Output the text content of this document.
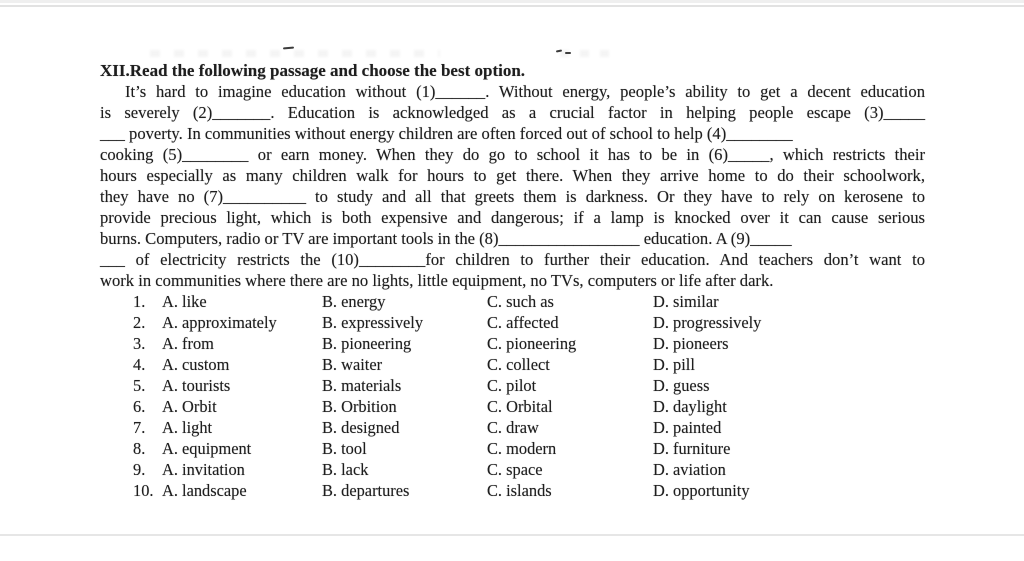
XII.Read the following passage and choose the best option.
It’s hard to imagine education without (1)______. Without energy, people’s ability to get a decent education
is severely (2)_______. Education is acknowledged as a crucial factor in helping people escape (3)_____
___ poverty. In communities without energy children are often forced out of school to help (4)________
cooking (5)________ or earn money. When they do go to school it has to be in (6)_____, which restricts their
hours especially as many children walk for hours to get there. When they arrive home to do their schoolwork,
they have no (7)__________ to study and all that greets them is darkness. Or they have to rely on kerosene to
provide precious light, which is both expensive and dangerous; if a lamp is knocked over it can cause serious
burns. Computers, radio or TV are important tools in the (8)_________________ education. A (9)_____
___ of electricity restricts the (10)________for children to further their education. And teachers don’t want to
work in communities where there are no lights, little equipment, no TVs, computers or life after dark.
1.	A. like	B. energy	C. such as	D. similar
2.	A. approximately	B. expressively	C. affected	D. progressively
3.	A. from	B. pioneering	C. pioneering	D. pioneers
4.	A. custom	B. waiter	C. collect	D. pill
5.	A. tourists	B. materials	C. pilot	D. guess
6.	A. Orbit	B. Orbition	C. Orbital	D. daylight
7.	A. light	B. designed	C. draw	D. painted
8.	A. equipment	B. tool	C. modern	D. furniture
9.	A. invitation	B. lack	C. space	D. aviation
10. A. landscape	B. departures	C. islands	D. opportunity
